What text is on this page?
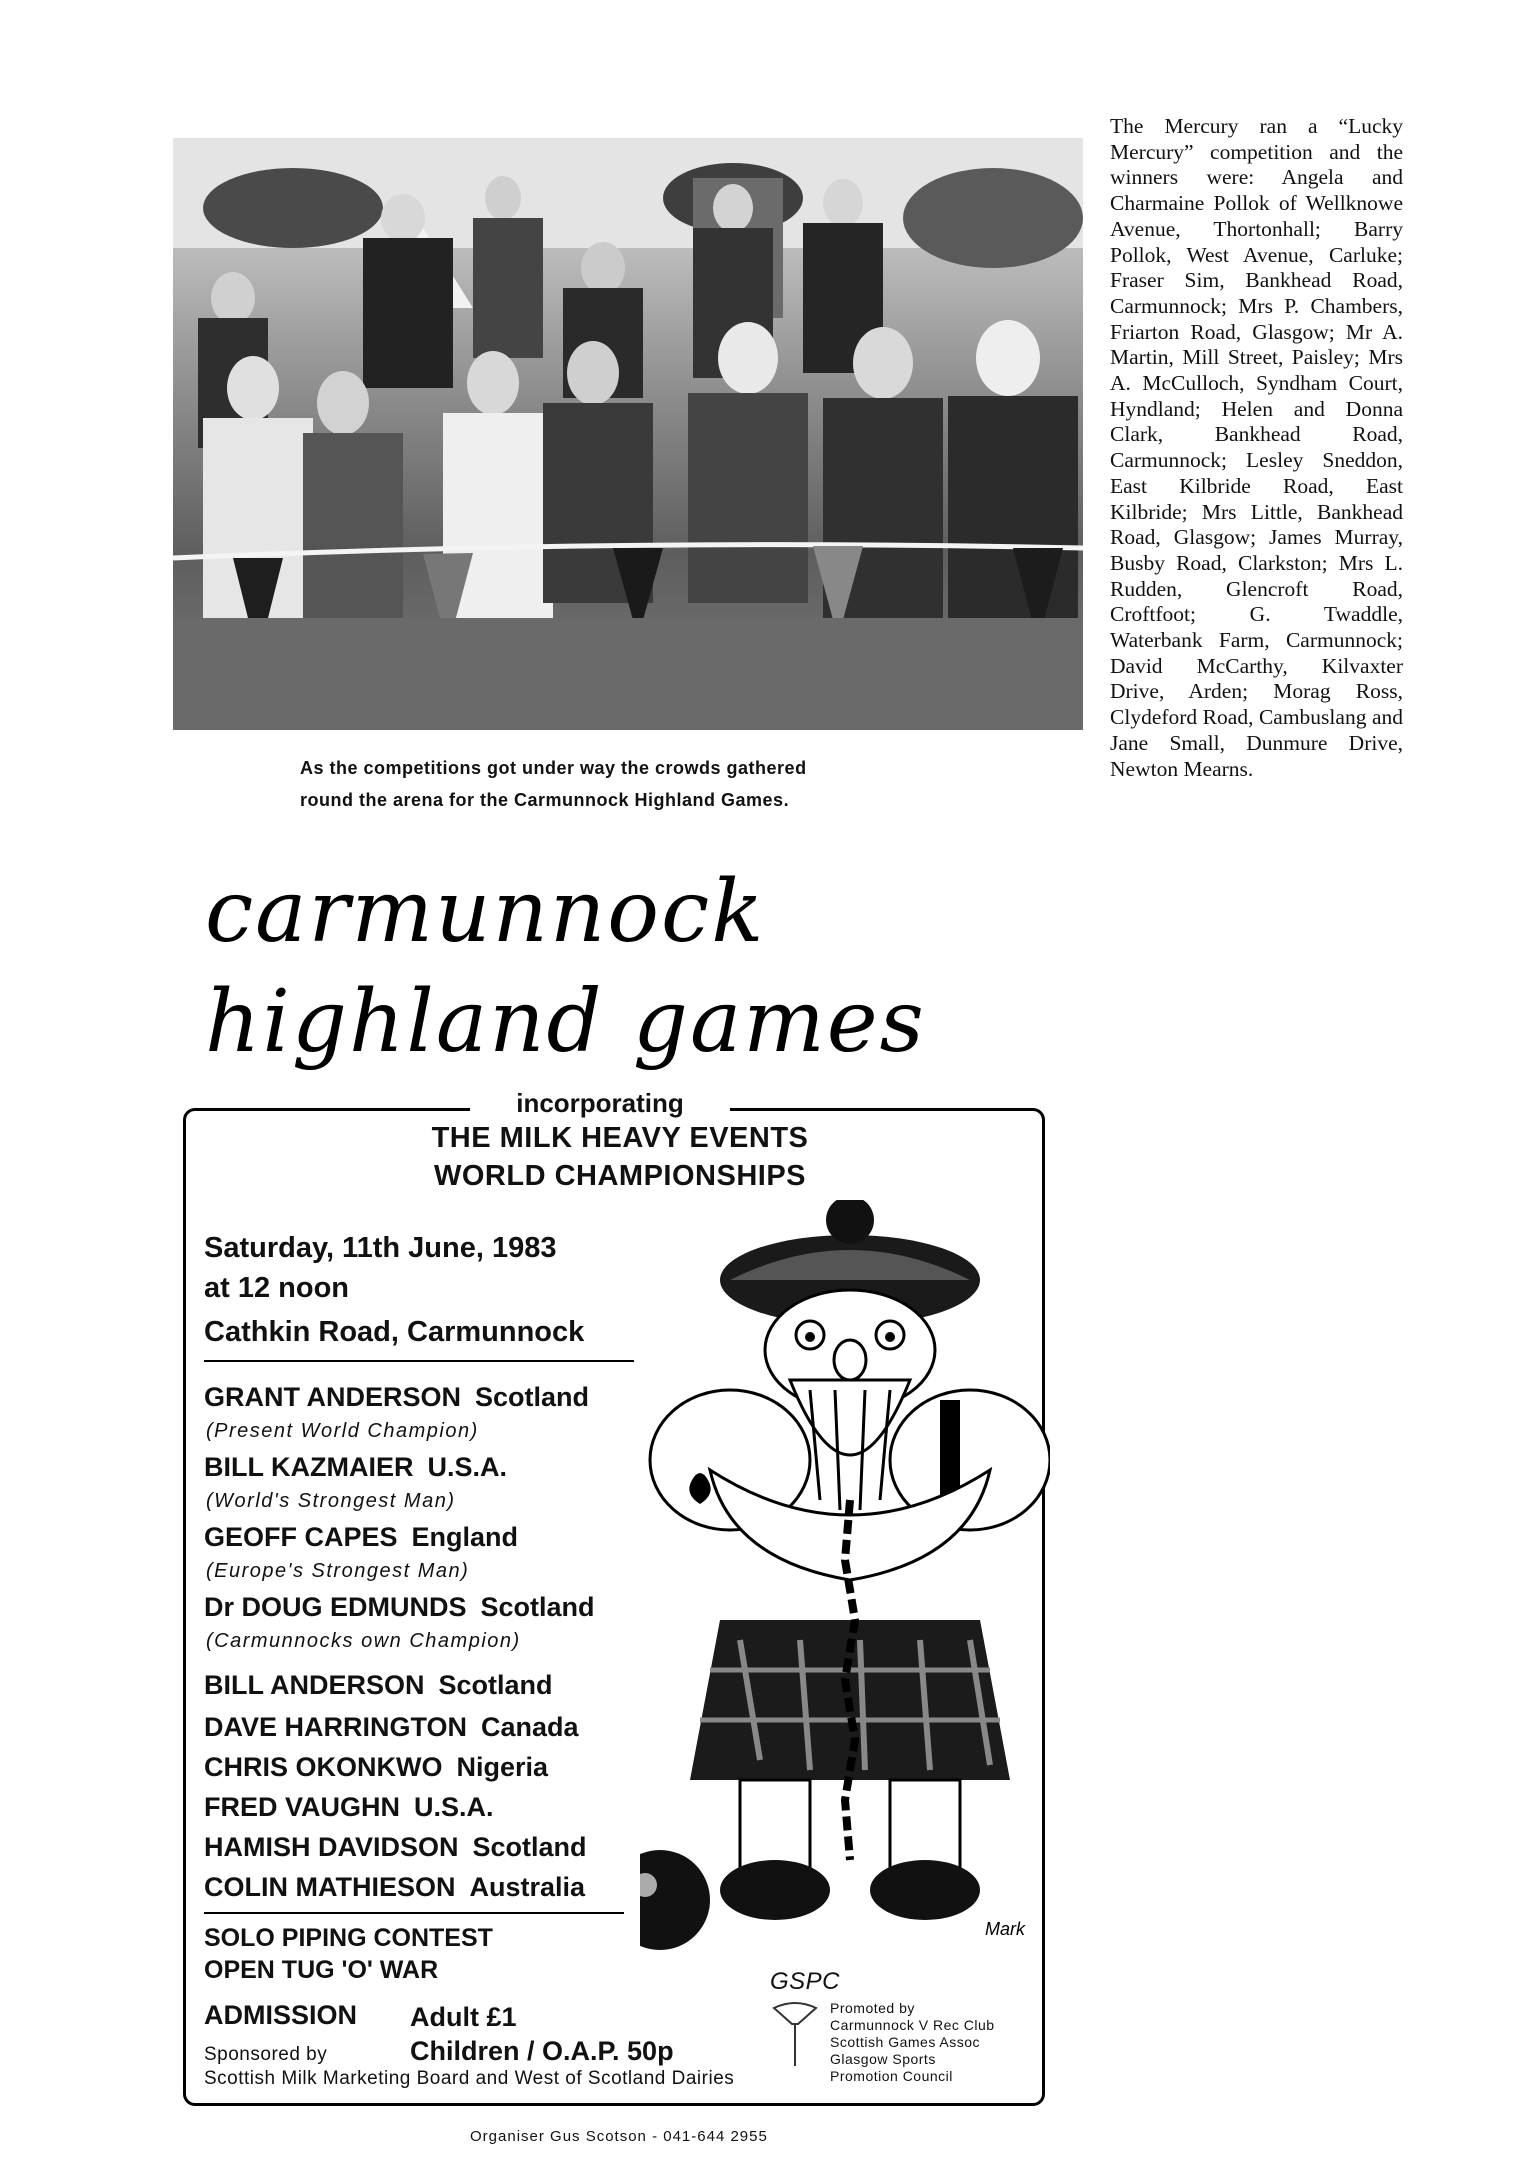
As the competitions got under way the crowds gathered
round the arena for the Carmunnock Highland Games.
The Mercury ran a “Lucky Mercury” competition and the winners were: Angela and Charmaine Pollok of Wellknowe Avenue, Thortonhall; Barry Pollok, West Avenue, Carluke; Fraser Sim, Bankhead Road, Carmunnock; Mrs P. Chambers, Friarton Road, Glasgow; Mr A. Martin, Mill Street, Paisley; Mrs A. McCulloch, Syndham Court, Hyndland; Helen and Donna Clark, Bankhead Road, Carmunnock; Lesley Sneddon, East Kilbride Road, East Kilbride; Mrs Little, Bankhead Road, Glasgow; James Murray, Busby Road, Clarkston; Mrs L. Rudden, Glencroft Road, Croftfoot; G. Twaddle, Waterbank Farm, Carmunnock; David McCarthy, Kilvaxter Drive, Arden; Morag Ross, Clydeford Road, Cambuslang and Jane Small, Dunmure Drive, Newton Mearns.
carmunnock
highland games
incorporating
THE MILK HEAVY EVENTS
WORLD CHAMPIONSHIPS
Saturday, 11th June, 1983
at 12 noon
Cathkin Road, Carmunnock
GRANT ANDERSON Scotland
(Present World Champion)
BILL KAZMAIER U.S.A.
(World's Strongest Man)
GEOFF CAPES England
(Europe's Strongest Man)
Dr DOUG EDMUNDS Scotland
(Carmunnocks own Champion)
BILL ANDERSON Scotland
DAVE HARRINGTON Canada
CHRIS OKONKWO Nigeria
FRED VAUGHN U.S.A.
HAMISH DAVIDSON Scotland
COLIN MATHIESON Australia
SOLO PIPING CONTEST
OPEN TUG 'O' WAR
ADMISSION Adult £1
Children / O.A.P. 50p
Sponsored by
Scottish Milk Marketing Board and West of Scotland Dairies
GSPC
Promoted by
Carmunnock V Rec Club
Scottish Games Assoc
Glasgow Sports
Promotion Council
Mark
Organiser Gus Scotson - 041-644 2955
